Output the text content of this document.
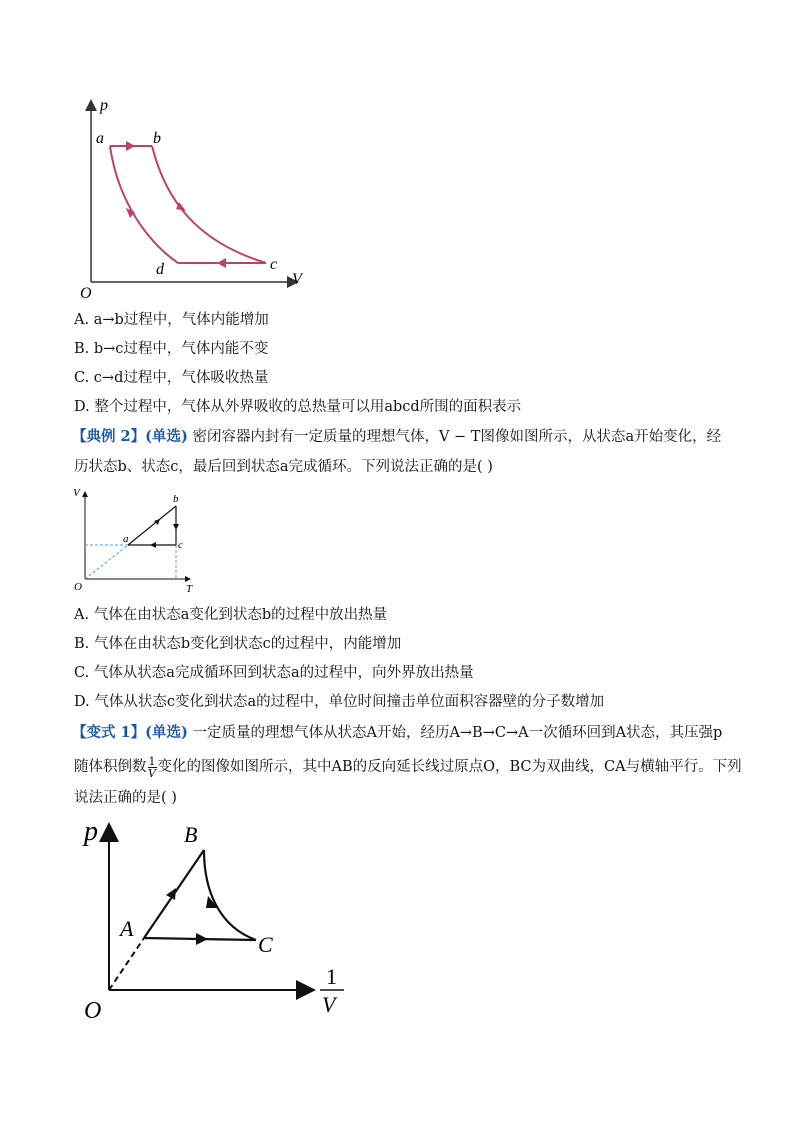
p
V
O
a	b
c
d
A. a→b过程中，气体内能增加
B. b→c过程中，气体内能不变
C. c→d过程中，气体吸收热量
D. 整个过程中，气体从外界吸收的总热量可以用abcd所围的面积表示
【典例 2】(单选) 密闭容器内封有一定质量的理想气体，V − T图像如图所示，从状态a开始变化，经
历状态b、状态c，最后回到状态a完成循环。下列说法正确的是( )
V
T
O
a
b
c
A. 气体在由状态a变化到状态b的过程中放出热量
B. 气体在由状态b变化到状态c的过程中，内能增加
C. 气体从状态a完成循环回到状态a的过程中，向外界放出热量
D. 气体从状态c变化到状态a的过程中，单位时间撞击单位面积容器壁的分子数增加
【变式 1】(单选) 一定质量的理想气体从状态A开始，经历A→B→C→A一次循环回到A状态，其压强p
随体积倒数 $\frac{1}{V}$ 变化的图像如图所示，其中AB的反向延长线过原点O，BC为双曲线，CA与横轴平行。下列
说法正确的是( )
p
O
A
B
C
1
V
